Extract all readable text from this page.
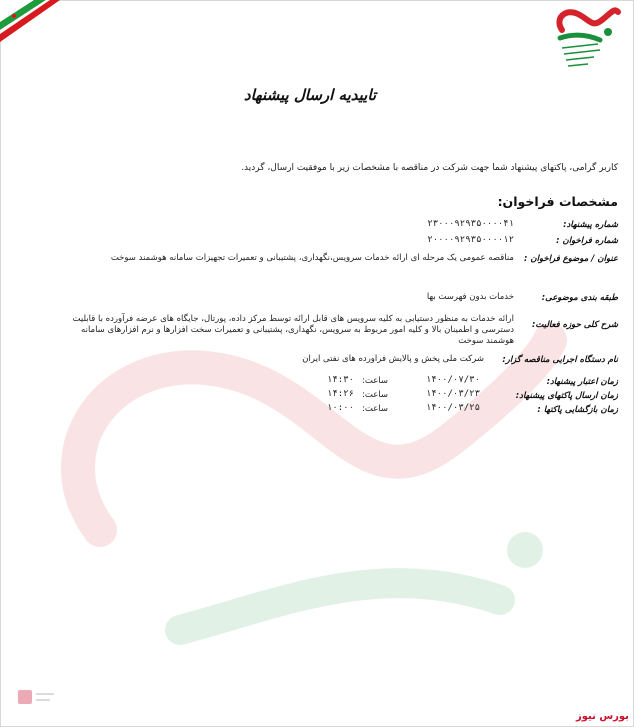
تاییدیه ارسال پیشنهاد
کاربر گرامی، پاکتهای پیشنهاد شما جهت شرکت در مناقصه با مشخصات زیر با موفقیت ارسال، گردید.
مشخصات فراخوان:
شماره پیشنهاد:
۲۳۰۰۰۹۲۹۳۵۰۰۰۰۴۱
شماره فراخوان :
۲۰۰۰۰۹۲۹۳۵۰۰۰۰۱۲
عنوان / موضوع فراخوان :
مناقصه عمومی یک مرحله ای ارائه خدمات سرویس،نگهداری، پشتیبانی و تعمیرات تجهیزات سامانه هوشمند سوخت
طبقه بندی موضوعی:
خدمات بدون فهرست بها
شرح کلی حوزه فعالیت:
ارائه خدمات به منظور دستیابی به کلیه سرویس های قابل ارائه توسط مرکز داده، پورتال، جایگاه های عرضه فرآورده با قابلیت
دسترسی و اطمینان بالا و کلیه امور مربوط به سرویس، نگهداری، پشتیبانی و تعمیرات سخت افزارها و نرم افزارهای سامانه
هوشمند سوخت
نام دستگاه اجرایی مناقصه گزار:
شرکت ملی پخش و پالایش فراورده های نفتی ایران
زمان اعتبار پیشنهاد:
۱۴۰۰/۰۷/۳۰
ساعت:
۱۴:۳۰
زمان ارسال پاکتهای پیشنهاد:
۱۴۰۰/۰۳/۲۳
ساعت:
۱۴:۲۶
زمان بازگشایی پاکتها :
۱۴۰۰/۰۳/۲۵
ساعت:
۱۰:۰۰
بورس نیوز
